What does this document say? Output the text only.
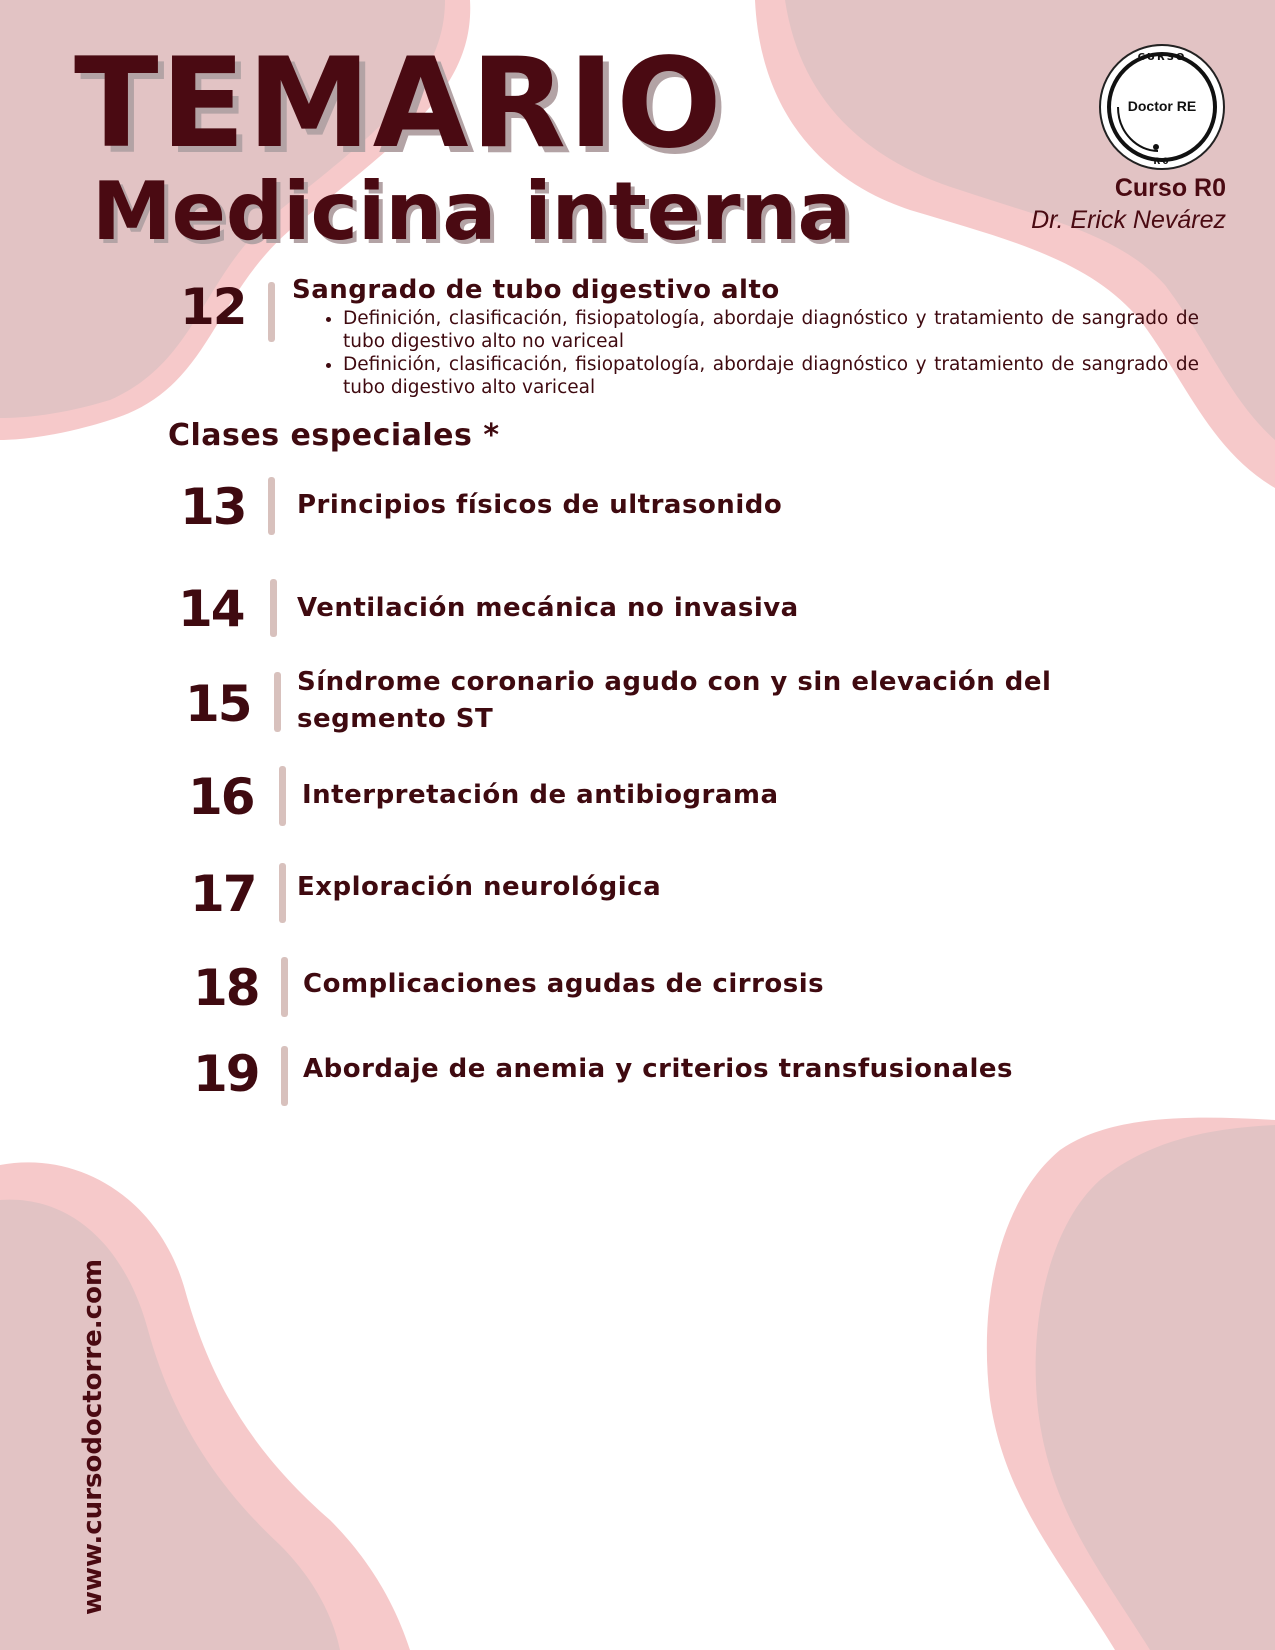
TEMARIO
Medicina interna
CURSO
Doctor RE
R0
Curso R0
Dr. Erick Nevárez
12 Sangrado de tubo digestivo alto
• Definición, clasificación, fisiopatología, abordaje diagnóstico y tratamiento de sangrado de tubo digestivo alto no variceal
• Definición, clasificación, fisiopatología, abordaje diagnóstico y tratamiento de sangrado de tubo digestivo alto variceal
Clases especiales *
13 Principios físicos de ultrasonido
14 Ventilación mecánica no invasiva
15 Síndrome coronario agudo con y sin elevación del segmento ST
16 Interpretación de antibiograma
17 Exploración neurológica
18 Complicaciones agudas de cirrosis
19 Abordaje de anemia y criterios transfusionales
www.cursodoctorre.com
